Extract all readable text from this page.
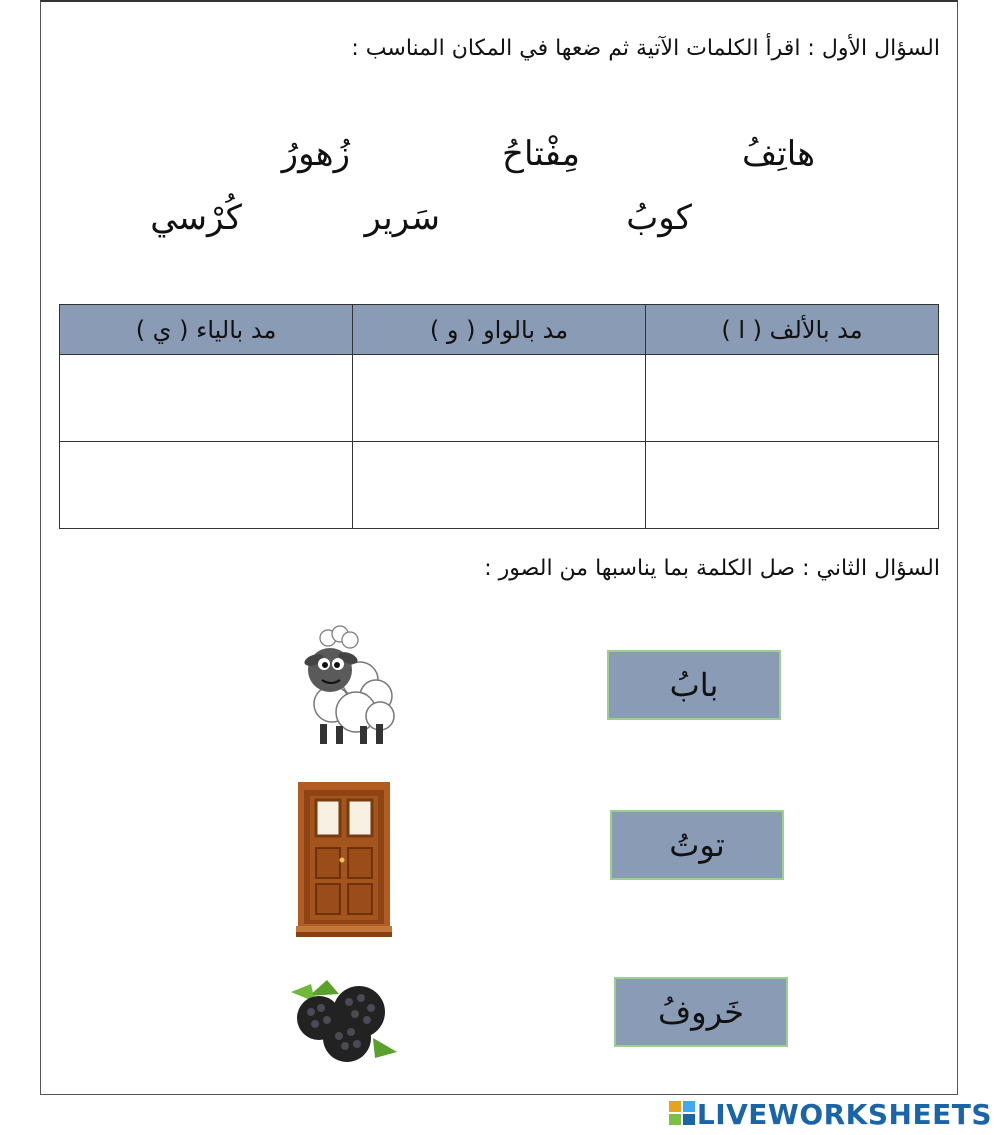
السؤال الأول : اقرأ الكلمات الآتية ثم ضعها في المكان المناسب :
هاتِفُ
مِفْتاحُ
زُهورُ
كوبُ
سَرير
كُرْسي
مد بالألف ( ا )	مد بالواو ( و )	مد بالياء ( ي )

السؤال الثاني : صل الكلمة بما يناسبها من الصور :
بابُ
توتُ
خَروفُ
LIVEWORKSHEETS
